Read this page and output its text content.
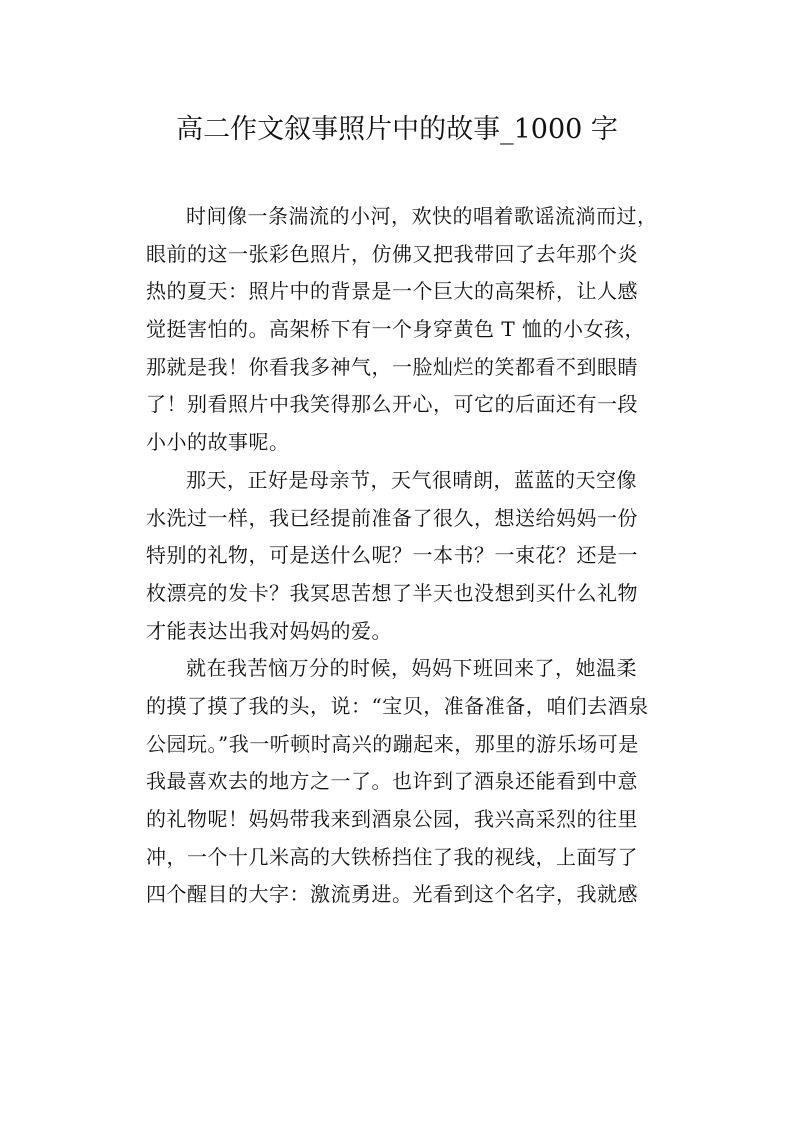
高二作文叙事照片中的故事_1000 字
时间像一条湍流的小河，欢快的唱着歌谣流淌而过，
眼前的这一张彩色照片，仿佛又把我带回了去年那个炎
热的夏天：照片中的背景是一个巨大的高架桥，让人感
觉挺害怕的。高架桥下有一个身穿黄色 T 恤的小女孩，
那就是我！你看我多神气，一脸灿烂的笑都看不到眼睛
了！别看照片中我笑得那么开心，可它的后面还有一段
小小的故事呢。
那天，正好是母亲节，天气很晴朗，蓝蓝的天空像
水洗过一样，我已经提前准备了很久，想送给妈妈一份
特别的礼物，可是送什么呢？一本书？一束花？还是一
枚漂亮的发卡？我冥思苦想了半天也没想到买什么礼物
才能表达出我对妈妈的爱。
就在我苦恼万分的时候，妈妈下班回来了，她温柔
的摸了摸了我的头，说：“宝贝，准备准备，咱们去酒泉
公园玩。”我一听顿时高兴的蹦起来，那里的游乐场可是
我最喜欢去的地方之一了。也许到了酒泉还能看到中意
的礼物呢！妈妈带我来到酒泉公园，我兴高采烈的往里
冲，一个十几米高的大铁桥挡住了我的视线，上面写了
四个醒目的大字：激流勇进。光看到这个名字，我就感
